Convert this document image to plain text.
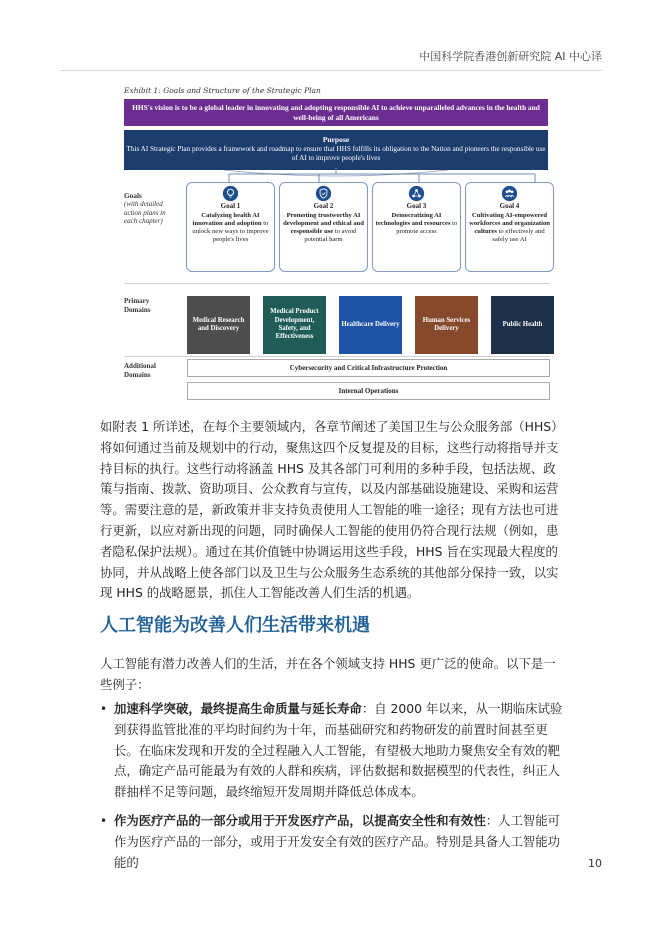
中国科学院香港创新研究院 AI 中心译
Exhibit 1: Goals and Structure of the Strategic Plan
HHS's vision is to be a global leader in innovating and adopting responsible AI to achieve unparalleled advances in the health and well-being of all Americans
Purpose
This AI Strategic Plan provides a framework and roadmap to ensure that HHS fulfills its obligation to the Nation and pioneers the responsible use of AI to improve people's lives
Goals
(with detailed action plans in each chapter)
Goal 1
Catalyzing health AI innovation and adoption to unlock new ways to improve people's lives
Goal 2
Promoting trustworthy AI development and ethical and responsible use to avoid potential harm
Goal 3
Democratizing AI technologies and resources to promote access
Goal 4
Cultivating AI-empowered workforces and organization cultures to effectively and safely use AI
Primary Domains
Medical Research and Discovery
Medical Product Development, Safety, and Effectiveness
Healthcare Delivery
Human Services Delivery
Public Health
Additional Domains
Cybersecurity and Critical Infrastructure Protection
Internal Operations
如附表 1 所详述，在每个主要领域内，各章节阐述了美国卫生与公众服务部（HHS）将如何通过当前及规划中的行动，聚焦这四个反复提及的目标，这些行动将指导并支持目标的执行。这些行动将涵盖 HHS 及其各部门可利用的多种手段，包括法规、政策与指南、拨款、资助项目、公众教育与宣传，以及内部基础设施建设、采购和运营等。需要注意的是，新政策并非支持负责使用人工智能的唯一途径；现有方法也可进行更新，以应对新出现的问题，同时确保人工智能的使用仍符合现行法规（例如，患者隐私保护法规）。通过在其价值链中协调运用这些手段，HHS 旨在实现最大程度的协同，并从战略上使各部门以及卫生与公众服务生态系统的其他部分保持一致，以实现 HHS 的战略愿景，抓住人工智能改善人们生活的机遇。
人工智能为改善人们生活带来机遇
人工智能有潜力改善人们的生活，并在各个领域支持 HHS 更广泛的使命。以下是一些例子：
• 加速科学突破，最终提高生命质量与延长寿命：自 2000 年以来，从一期临床试验到获得监管批准的平均时间约为十年，而基础研究和药物研发的前置时间甚至更长。在临床发现和开发的全过程融入人工智能，有望极大地助力聚焦安全有效的靶点，确定产品可能最为有效的人群和疾病，评估数据和数据模型的代表性，纠正人群抽样不足等问题，最终缩短开发周期并降低总体成本。
• 作为医疗产品的一部分或用于开发医疗产品，以提高安全性和有效性：人工智能可作为医疗产品的一部分，或用于开发安全有效的医疗产品。特别是具备人工智能功能的	10
